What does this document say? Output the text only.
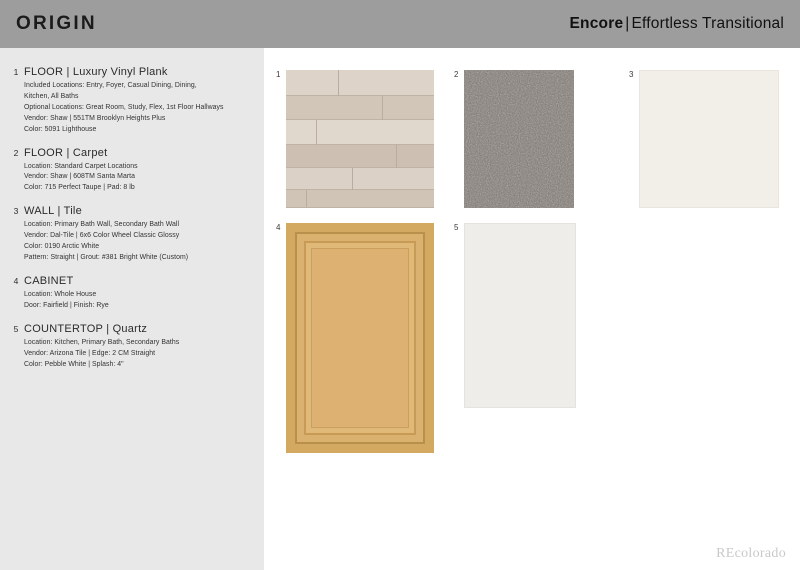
ORIGIN	Encore | Effortless Transitional
1 FLOOR | Luxury Vinyl Plank
Included Locations: Entry, Foyer, Casual Dining, Dining,
Kitchen, All Baths
Optional Locations: Great Room, Study, Flex, 1st Floor Hallways
Vendor: Shaw | 551TM Brooklyn Heights Plus
Color: 5091 Lighthouse
2 FLOOR | Carpet
Location: Standard Carpet Locations
Vendor: Shaw | 608TM Santa Marta
Color: 715 Perfect Taupe | Pad: 8 lb
3 WALL | Tile
Location: Primary Bath Wall, Secondary Bath Wall
Vendor: Dal-Tile | 6x6 Color Wheel Classic Glossy
Color: 0190 Arctic White
Pattern: Straight | Grout: #381 Bright White (Custom)
4 CABINET
Location: Whole House
Door: Fairfield | Finish: Rye
5 COUNTERTOP | Quartz
Location: Kitchen, Primary Bath, Secondary Baths
Vendor: Arizona Tile | Edge: 2 CM Straight
Color: Pebble White | Splash: 4"
1	2	3
4	5
REcolorado
